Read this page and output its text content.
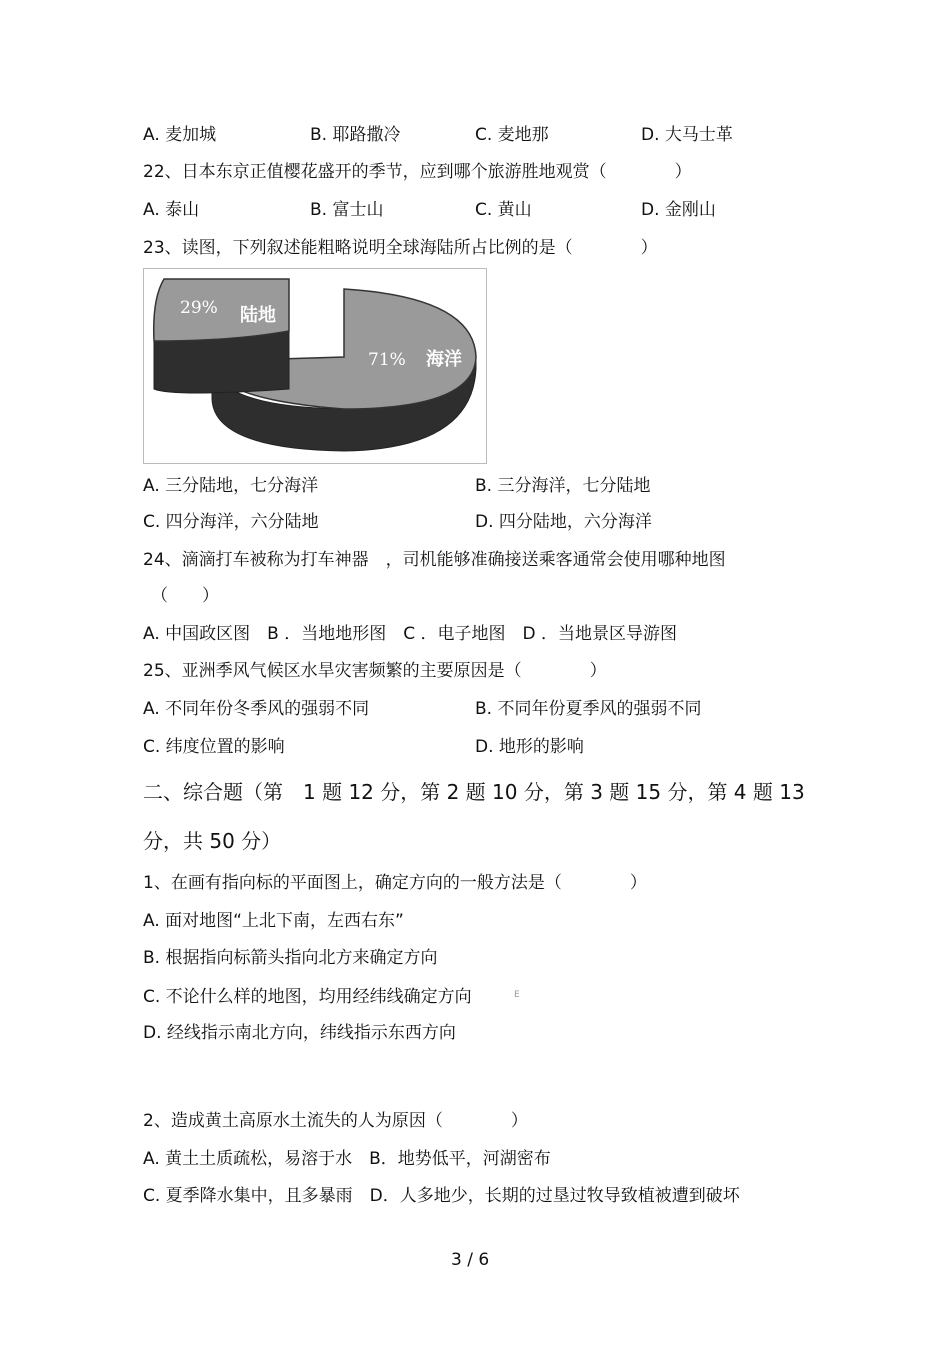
A. 麦加城	B. 耶路撒冷	C. 麦地那	D. 大马士革
22、日本东京正值樱花盛开的季节，应到哪个旅游胜地观赏（　　　　）
A. 泰山	B. 富士山	C. 黄山	D. 金刚山
23、读图，下列叙述能粗略说明全球海陆所占比例的是（　　　　）
29% 陆地
71% 海洋
A. 三分陆地，七分海洋	B. 三分海洋，七分陆地
C. 四分海洋，六分陆地	D. 四分陆地，六分海洋
24、滴滴打车被称为打车神器　，司机能够准确接送乘客通常会使用哪种地图
（　　）
A. 中国政区图　B ．当地地形图　C ．电子地图　D ．当地景区导游图
25、亚洲季风气候区水旱灾害频繁的主要原因是（　　　　）
A. 不同年份冬季风的强弱不同	B. 不同年份夏季风的强弱不同
C. 纬度位置的影响	D. 地形的影响
二、综合题（第　1 题 12 分，第 2 题 10 分，第 3 题 15 分，第 4 题 13
分，共 50 分）
1、在画有指向标的平面图上，确定方向的一般方法是（　　　　）
A. 面对地图“上北下南，左西右东”
B. 根据指向标箭头指向北方来确定方向
C. 不论什么样的地图，均用经纬线确定方向	E
D. 经线指示南北方向，纬线指示东西方向
2、造成黄土高原水土流失的人为原因（　　　　）
A. 黄土土质疏松，易溶于水　B．地势低平，河湖密布
C. 夏季降水集中，且多暴雨　D．人多地少，长期的过垦过牧导致植被遭到破坏
3 / 6
